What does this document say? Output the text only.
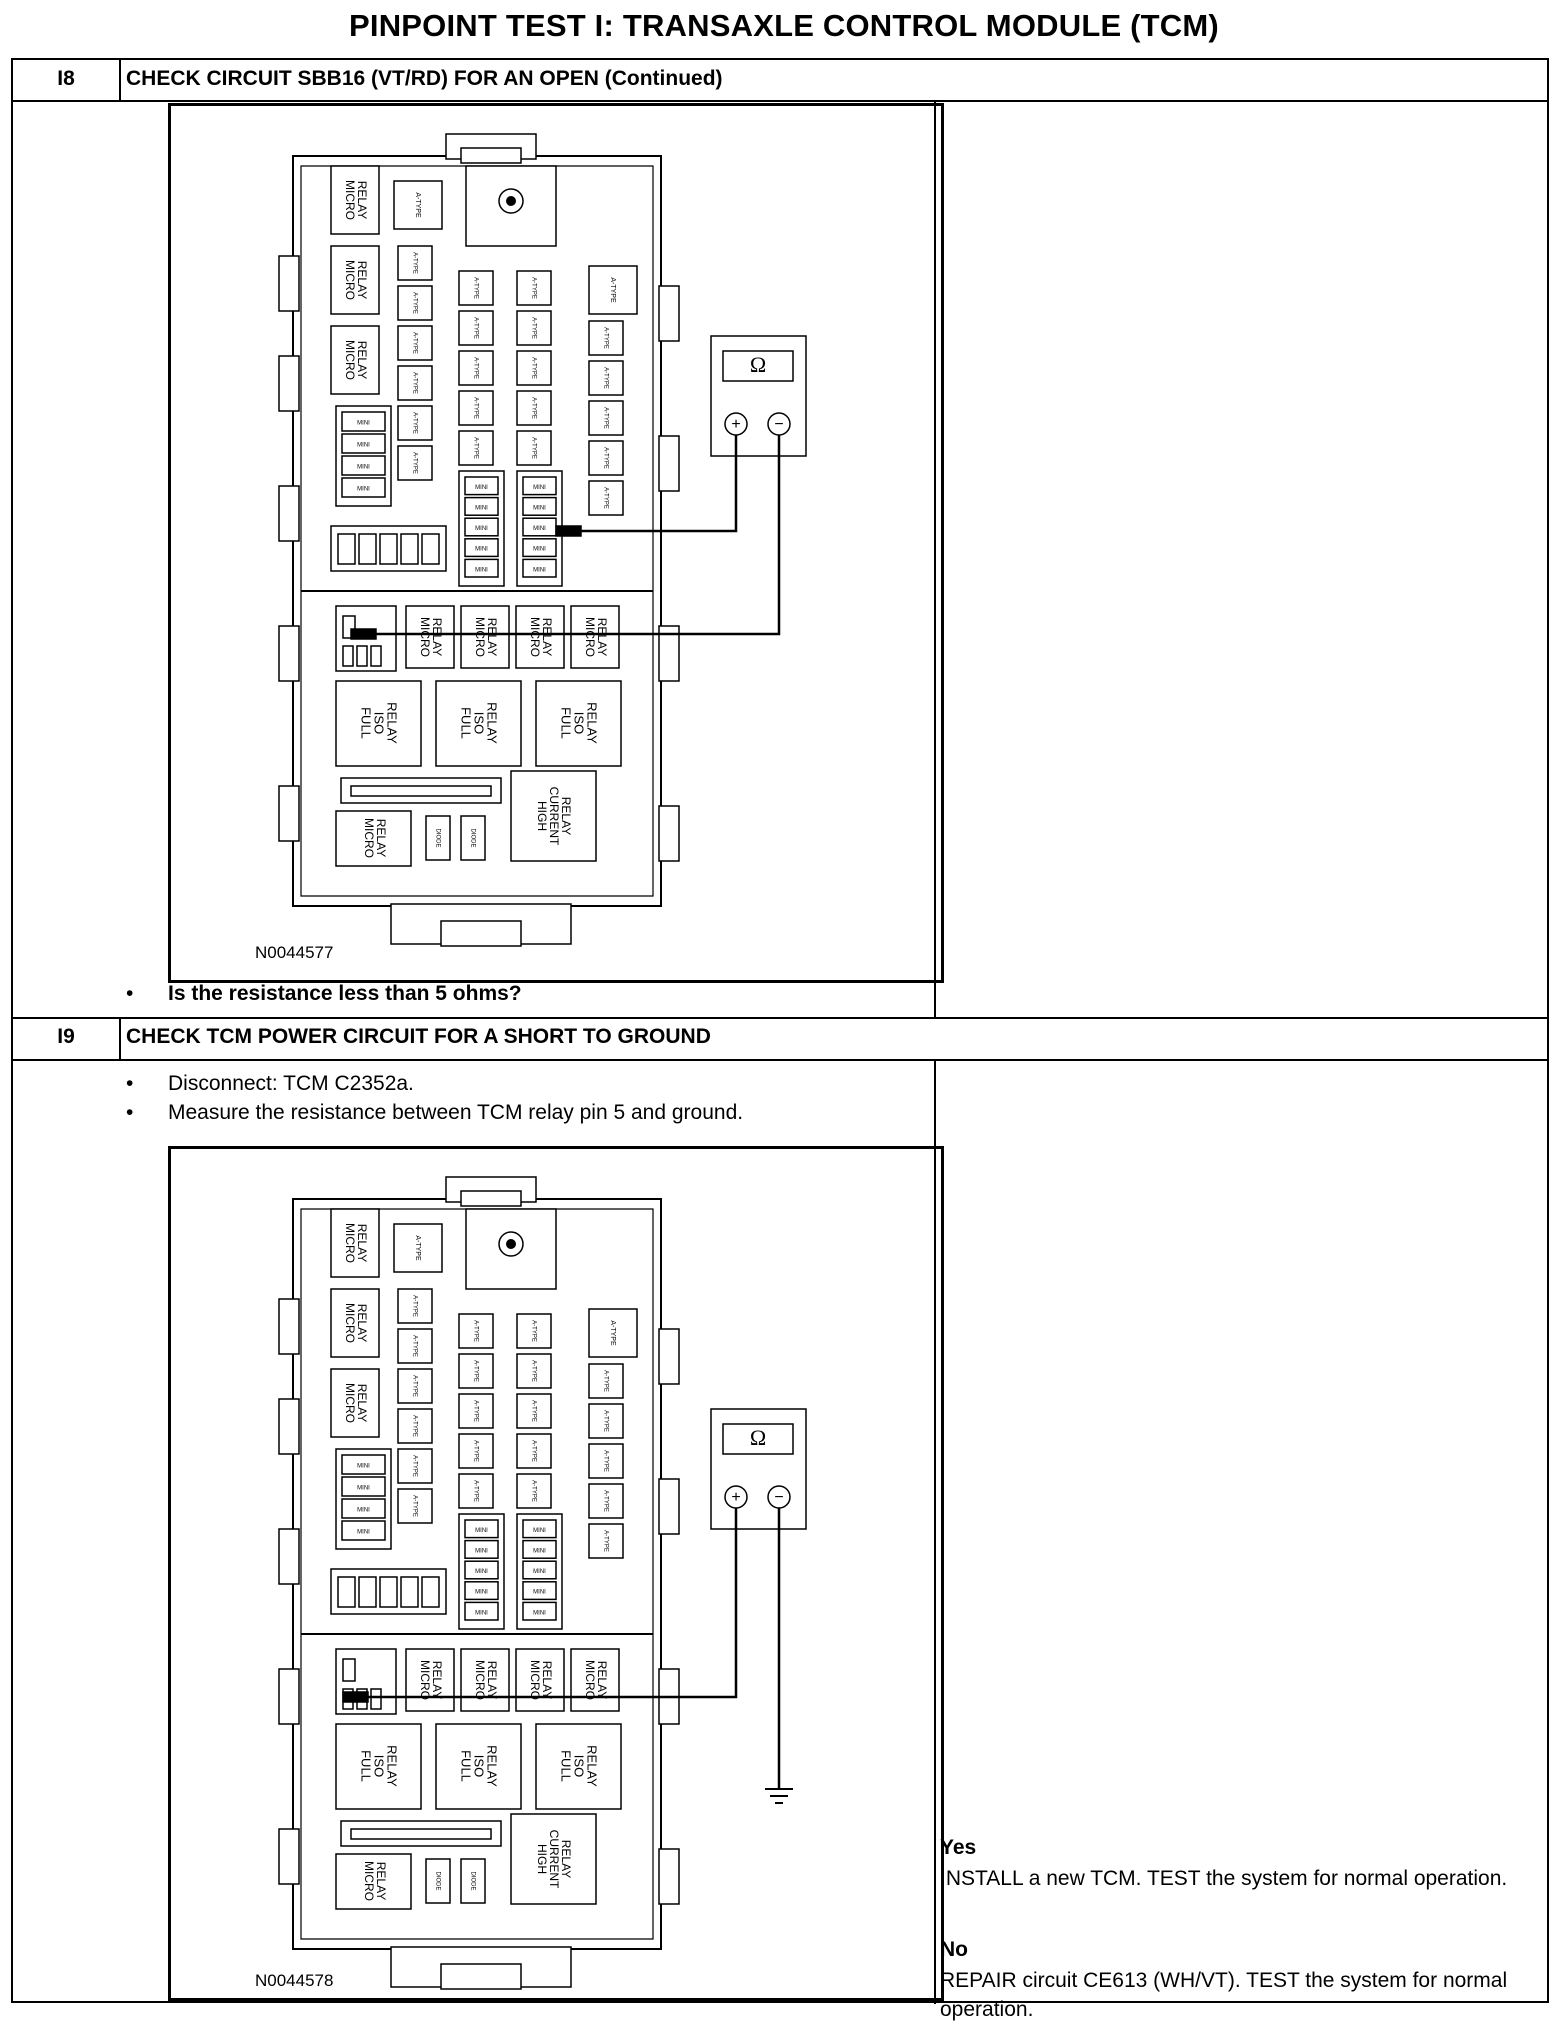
PINPOINT TEST I: TRANSAXLE CONTROL MODULE (TCM)
I8	CHECK CIRCUIT SBB16 (VT/RD) FOR AN OPEN (Continued)
MICRO
RELAY
MICRO
RELAY
MICRO
RELAY
A-TYPE
A-TYPE
A-TYPE
A-TYPE
A-TYPE
A-TYPE
A-TYPE
A-TYPE
A-TYPE
A-TYPE
A-TYPE
A-TYPE
A-TYPE
A-TYPE
A-TYPE
A-TYPE
A-TYPE
A-TYPE
A-TYPE
A-TYPE
A-TYPE
A-TYPE
A-TYPE
MINI
MINI
MINI
MINI	MINI
MINI
MINI
MINI
MINI
MINI
MINI
MINI
MINI
MINI
MICRO
RELAY MICRO
RELAY MICRO
RELAY MICRO
RELAY
FULL
ISO
RELAY	FULL
ISO
RELAY	FULL
ISO
RELAY
HIGH
CURRENT
RELAY
MICRO
RELAY	DIODE	DIODE
Ω
+ −
N0044577
• Is the resistance less than 5 ohms?
I9	CHECK TCM POWER CIRCUIT FOR A SHORT TO GROUND
• Disconnect: TCM C2352a.
• Measure the resistance between TCM relay pin 5 and ground.
MICRO
RELAY
MICRO
RELAY
MICRO
RELAY
A-TYPE
A-TYPE
A-TYPE
A-TYPE
A-TYPE
A-TYPE
A-TYPE
A-TYPE
A-TYPE
A-TYPE
A-TYPE
A-TYPE
A-TYPE
A-TYPE
A-TYPE
A-TYPE
A-TYPE
A-TYPE
A-TYPE
A-TYPE
A-TYPE
A-TYPE
A-TYPE
MINI
MINI
MINI
MINI	MINI
MINI
MINI
MINI
MINI
MINI
MINI
MINI
MINI
MINI
MICRO
RELAY MICRO
RELAY MICRO
RELAY MICRO
RELAY
FULL
ISO
RELAY	FULL
ISO
RELAY	FULL
ISO
RELAY
HIGH
CURRENT
RELAY
MICRO
RELAY	DIODE	DIODE
Ω
+ −
N0044578
Yes
INSTALL a new TCM. TEST the system for normal operation.
No
REPAIR circuit CE613 (WH/VT). TEST the system for normal operation.
